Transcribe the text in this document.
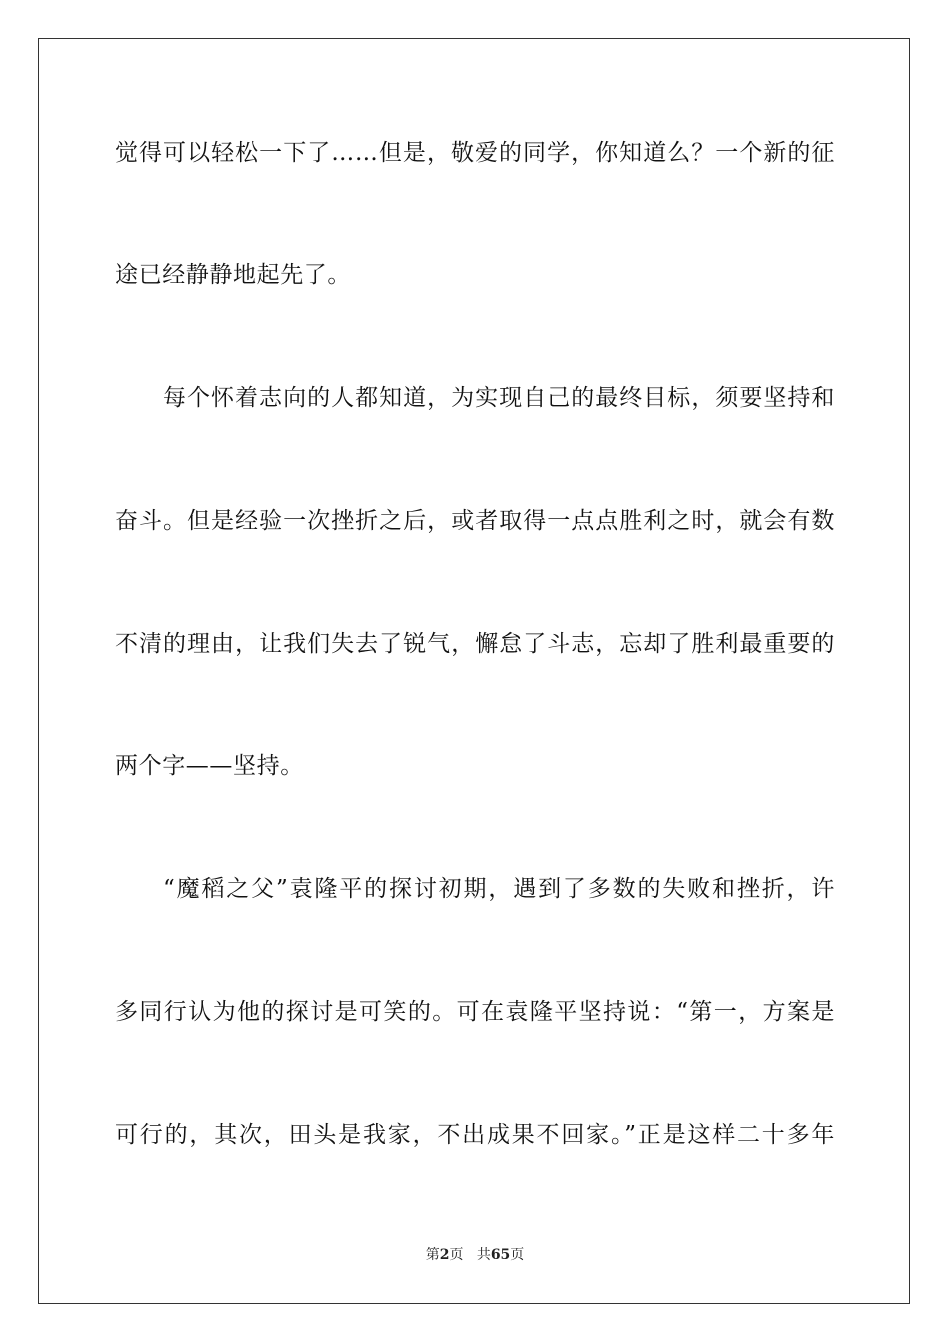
觉得可以轻松一下了……但是，敬爱的同学，你知道么？一个新的征
途已经静静地起先了。
每个怀着志向的人都知道，为实现自己的最终目标，须要坚持和
奋斗。但是经验一次挫折之后，或者取得一点点胜利之时，就会有数
不清的理由，让我们失去了锐气，懈怠了斗志，忘却了胜利最重要的
两个字——坚持。
“魔稻之父”袁隆平的探讨初期，遇到了多数的失败和挫折，许
多同行认为他的探讨是可笑的。可在袁隆平坚持说：“第一，方案是
可行的，其次，田头是我家，不出成果不回家。”正是这样二十多年
第2页 共65页
